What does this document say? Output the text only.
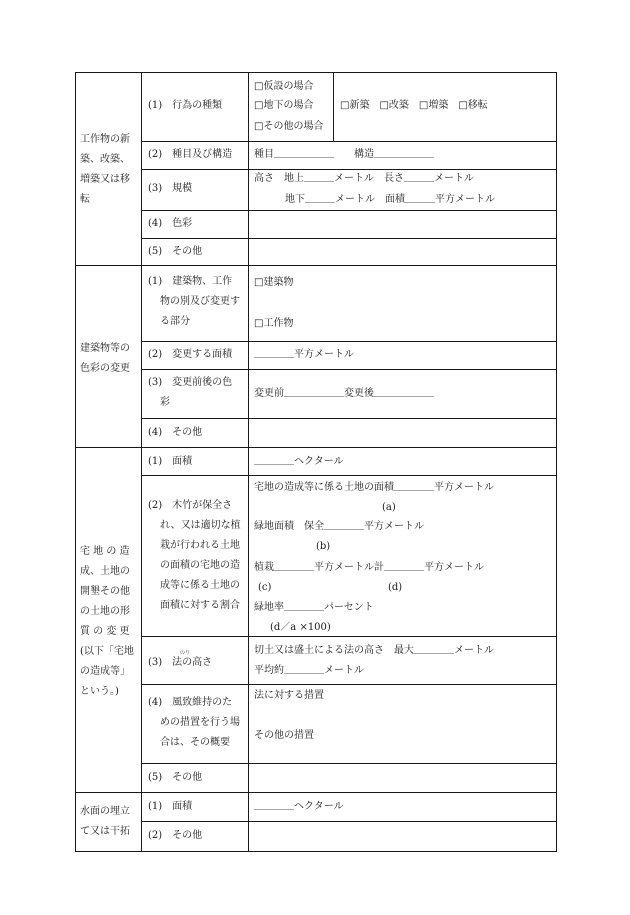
工作物の新
築、改築、
増築又は移
転
(1)　行為の種類
□仮設の場合
□地下の場合
□その他の場合
□新築　□改築　□増築　□移転
(2)　種目及び構造 種目＿＿＿＿＿＿　　構造＿＿＿＿＿＿
(3)　規模
高さ　地上＿＿＿メートル　長さ＿＿＿メートル
地下＿＿＿メートル　面積＿＿＿平方メートル
(4)　色彩
(5)　その他
建築物等の
色彩の変更
(1)　建築物、工作
物の別及び変更す
る部分
□建築物
□工作物
(2)　変更する面積 ＿＿＿＿平方メートル
(3)　変更前後の色
彩
変更前＿＿＿＿＿＿変更後＿＿＿＿＿＿
(4)　その他
宅 地 の 造
成、土地の
開墾その他
の土地の形
質 の 変 更
(以下「宅地
の造成等」
という。)
(1)　面積	＿＿＿＿ヘクタール
(2)　木竹が保全さ
れ、又は適切な植
栽が行われる土地
の面積の宅地の造
成等に係る土地の
面積に対する割合
宅地の造成等に係る土地の面積＿＿＿＿平方メートル
(a)
緑地面積　保全＿＿＿＿平方メートル
(b)
植栽＿＿＿＿平方メートル計＿＿＿＿平方メートル
(c)	(d)
緑地率＿＿＿＿パーセント
(d／a ×100)
のり
(3)　法の高さ
切土又は盛土による法の高さ　最大＿＿＿＿メートル
平均約＿＿＿＿メートル
(4)　風致維持のた
めの措置を行う場
合は、その概要
法に対する措置
その他の措置
(5)　その他
水面の埋立
て又は干拓
(1)　面積	＿＿＿＿ヘクタール
(2)　その他
